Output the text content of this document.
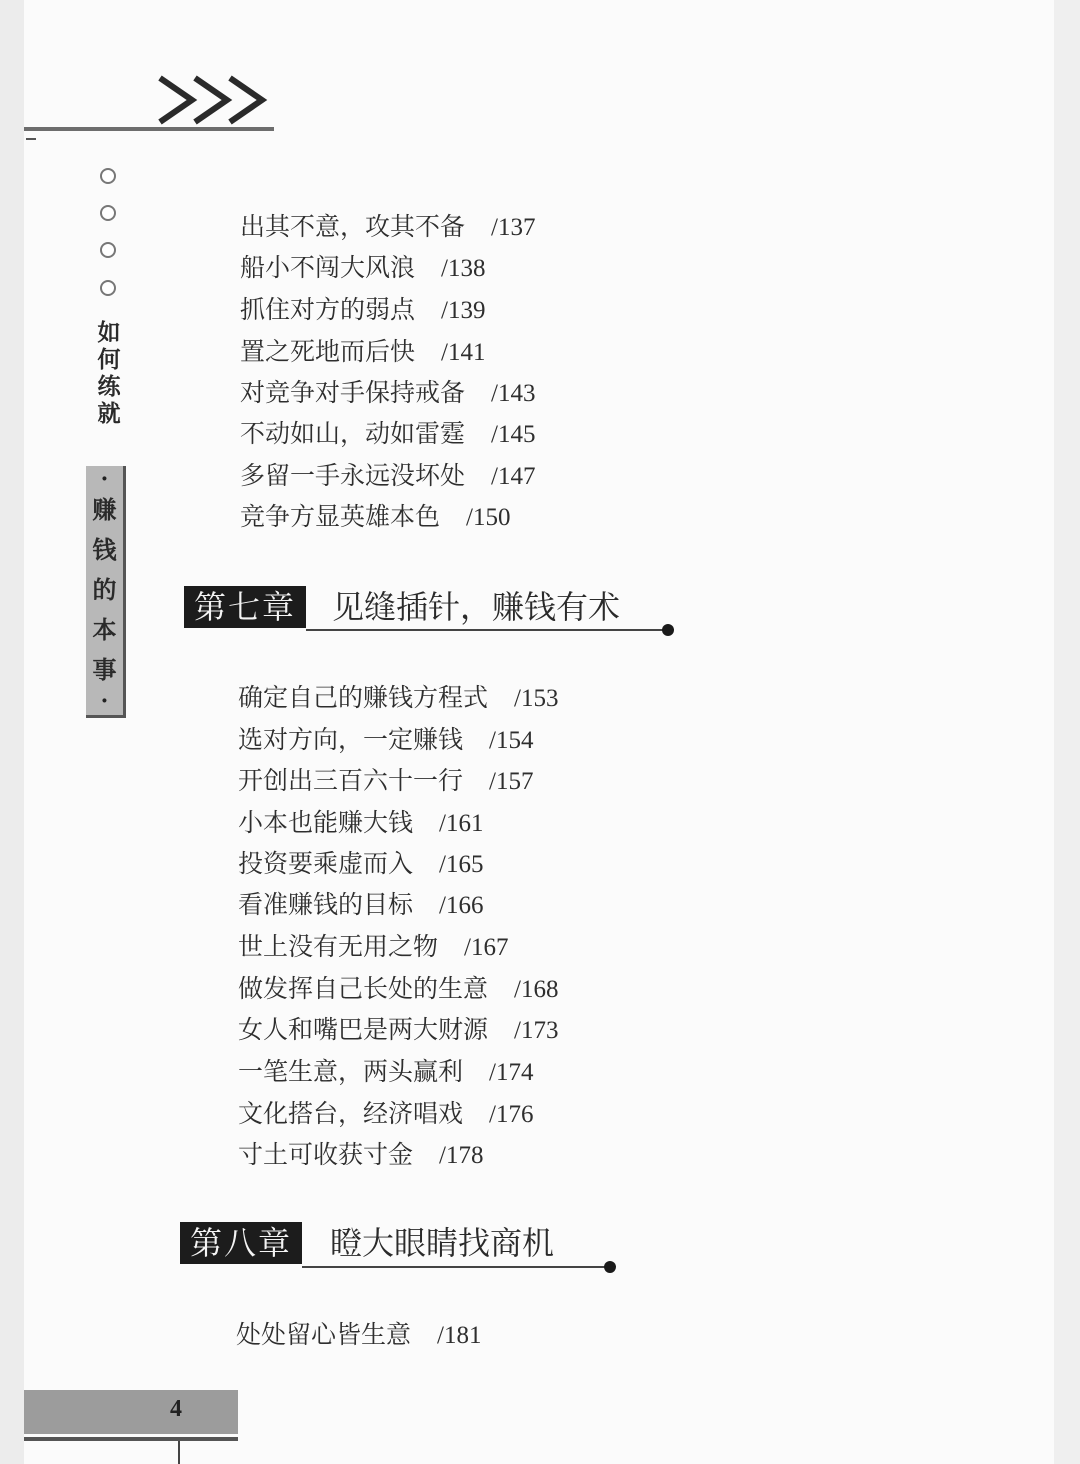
如
何
练
就
·
赚
钱
的
本
事
·
出其不意，攻其不备 /137
船小不闯大风浪 /138
抓住对方的弱点 /139
置之死地而后快 /141
对竞争对手保持戒备 /143
不动如山，动如雷霆 /145
多留一手永远没坏处 /147
竞争方显英雄本色 /150
第七章	见缝插针，赚钱有术
确定自己的赚钱方程式 /153
选对方向，一定赚钱 /154
开创出三百六十一行 /157
小本也能赚大钱 /161
投资要乘虚而入 /165
看准赚钱的目标 /166
世上没有无用之物 /167
做发挥自己长处的生意 /168
女人和嘴巴是两大财源 /173
一笔生意，两头赢利 /174
文化搭台，经济唱戏 /176
寸土可收获寸金 /178
第八章	瞪大眼睛找商机
处处留心皆生意 /181
4
